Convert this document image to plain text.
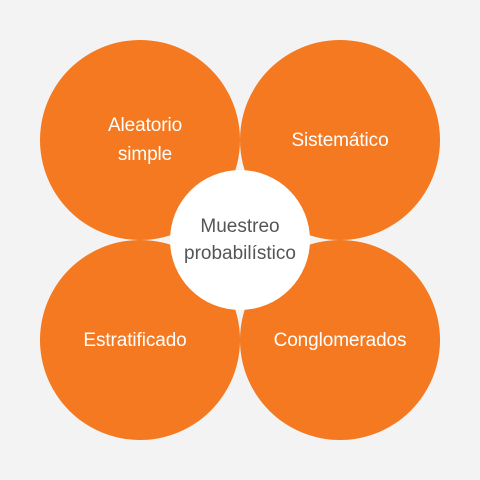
Aleatorio
simple
Sistemático
Estratificado	Conglomerados
Muestreo
probabilístico
